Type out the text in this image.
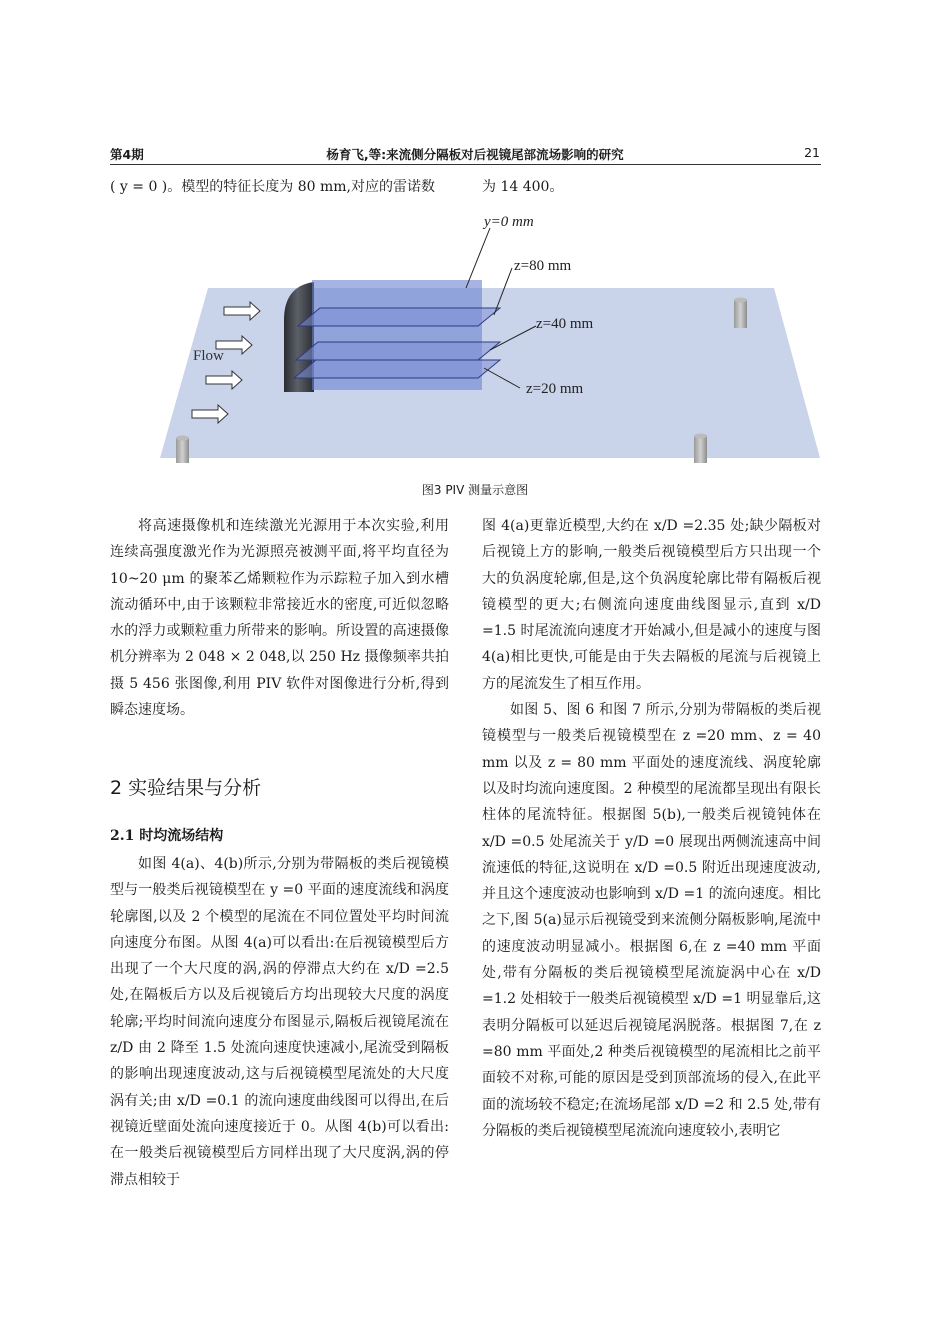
第4期	杨育飞,等:来流侧分隔板对后视镜尾部流场影响的研究	21
( y = 0 )。模型的特征长度为 80 mm,对应的雷诺数	为 14 400。
Flow
y=0 mm
z=80 mm
z=40 mm
z=20 mm
图3 PIV 测量示意图

将高速摄像机和连续激光光源用于本次实验,利用连续高强度激光作为光源照亮被测平面,将平均直径为 10~20 μm 的聚苯乙烯颗粒作为示踪粒子加入到水槽流动循环中,由于该颗粒非常接近水的密度,可近似忽略水的浮力或颗粒重力所带来的影响。所设置的高速摄像机分辨率为 2 048 × 2 048,以 250 Hz 摄像频率共拍摄 5 456 张图像,利用 PIV 软件对图像进行分析,得到瞬态速度场。

2 实验结果与分析
2.1 时均流场结构

如图 4(a)、4(b)所示,分别为带隔板的类后视镜模型与一般类后视镜模型在 y =0 平面的速度流线和涡度轮廓图,以及 2 个模型的尾流在不同位置处平均时间流向速度分布图。从图 4(a)可以看出:在后视镜模型后方出现了一个大尺度的涡,涡的停滞点大约在 x/D =2.5 处,在隔板后方以及后视镜后方均出现较大尺度的涡度轮廓;平均时间流向速度分布图显示,隔板后视镜尾流在 z/D 由 2 降至 1.5 处流向速度快速减小,尾流受到隔板的影响出现速度波动,这与后视镜模型尾流处的大尺度涡有关;由 x/D =0.1 的流向速度曲线图可以得出,在后视镜近壁面处流向速度接近于 0。从图 4(b)可以看出:在一般类后视镜模型后方同样出现了大尺度涡,涡的停滞点相较于

图 4(a)更靠近模型,大约在 x/D =2.35 处;缺少隔板对后视镜上方的影响,一般类后视镜模型后方只出现一个大的负涡度轮廓,但是,这个负涡度轮廓比带有隔板后视镜模型的更大;右侧流向速度曲线图显示,直到 x/D =1.5 时尾流流向速度才开始减小,但是减小的速度与图 4(a)相比更快,可能是由于失去隔板的尾流与后视镜上方的尾流发生了相互作用。

如图 5、图 6 和图 7 所示,分别为带隔板的类后视镜模型与一般类后视镜模型在 z =20 mm、z = 40 mm 以及 z = 80 mm 平面处的速度流线、涡度轮廓以及时均流向速度图。2 种模型的尾流都呈现出有限长柱体的尾流特征。根据图 5(b),一般类后视镜钝体在 x/D =0.5 处尾流关于 y/D =0 展现出两侧流速高中间流速低的特征,这说明在 x/D =0.5 附近出现速度波动,并且这个速度波动也影响到 x/D =1 的流向速度。相比之下,图 5(a)显示后视镜受到来流侧分隔板影响,尾流中的速度波动明显减小。根据图 6,在 z =40 mm 平面处,带有分隔板的类后视镜模型尾流旋涡中心在 x/D =1.2 处相较于一般类后视镜模型 x/D =1 明显靠后,这表明分隔板可以延迟后视镜尾涡脱落。根据图 7,在 z =80 mm 平面处,2 种类后视镜模型的尾流相比之前平面较不对称,可能的原因是受到顶部流场的侵入,在此平面的流场较不稳定;在流场尾部 x/D =2 和 2.5 处,带有分隔板的类后视镜模型尾流流向速度较小,表明它
